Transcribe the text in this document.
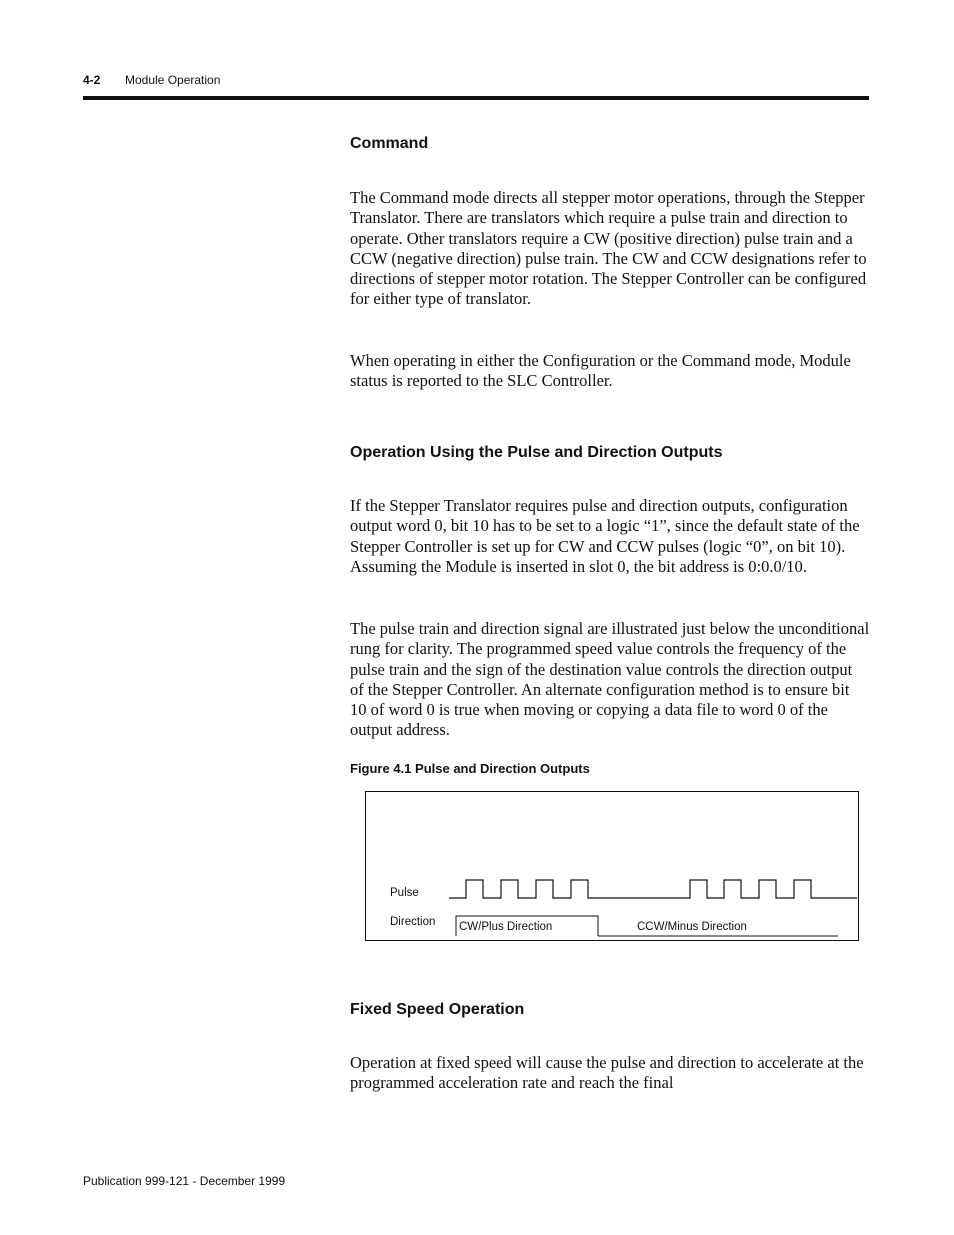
4-2 Module Operation
Command

The Command mode directs all stepper motor operations, through the Stepper Translator. There are translators which require a pulse train and direction to operate. Other translators require a CW (positive direction) pulse train and a CCW (negative direction) pulse train. The CW and CCW designations refer to directions of stepper motor rotation. The Stepper Controller can be configured for either type of translator.

When operating in either the Configuration or the Command mode, Module status is reported to the SLC Controller.

Operation Using the Pulse and Direction Outputs

If the Stepper Translator requires pulse and direction outputs, configuration output word 0, bit 10 has to be set to a logic “1”, since the default state of the Stepper Controller is set up for CW and CCW pulses (logic “0”, on bit 10). Assuming the Module is inserted in slot 0, the bit address is 0:0.0/10.

The pulse train and direction signal are illustrated just below the unconditional rung for clarity. The programmed speed value controls the frequency of the pulse train and the sign of the destination value controls the direction output of the Stepper Controller. An alternate configuration method is to ensure bit 10 of word 0 is true when moving or copying a data file to word 0 of the output address.

Figure 4.1 Pulse and Direction Outputs
Pulse
Direction CW/Plus Direction	CCW/Minus Direction
Fixed Speed Operation

Operation at fixed speed will cause the pulse and direction to accelerate at the programmed acceleration rate and reach the final

Publication 999-121 - December 1999
